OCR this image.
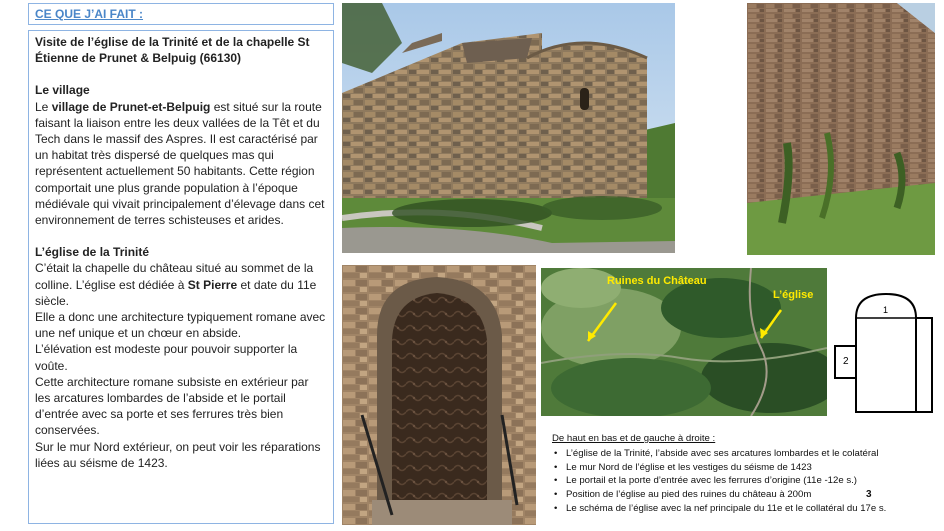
CE QUE J’AI FAIT :

Visite de l’église de la Trinité et de la chapelle St Étienne de Prunet & Belpuig (66130)

Le village

Le village de Prunet-et-Belpuig est situé sur la route faisant la liaison entre les deux vallées de la Têt et du Tech dans le massif des Aspres. Il est caractérisé par un habitat très dispersé de quelques mas qui représentent actuellement 50 habitants. Cette région comportait une plus grande population à l’époque médiévale qui vivait principalement d’élevage dans cet environnement de terres schisteuses et arides.

L’église de la Trinité

C’était la chapelle du château situé au sommet de la colline. L’église est dédiée à St Pierre et date du 11e siècle.

Elle a donc une architecture typiquement romane avec une nef unique et un chœur en abside.

L’élévation est modeste pour pouvoir supporter la voûte.

Cette architecture romane subsiste en extérieur par les arcatures lombardes de l’abside et le portail d’entrée avec sa porte et ses ferrures très bien conservées.

Sur le mur Nord extérieur, on peut voir les réparations liées au séisme de 1423.

Ruines du Château
L’église
1
2
De haut en bas et de gauche à droite :
• L’église de la Trinité, l’abside avec ses arcatures lombardes et le colatéral
• Le mur Nord de l’église et les vestiges du séisme de 1423
• Le portail et la porte d’entrée avec les ferrures d’origine (11e -12e s.)
• Position de l’église au pied des ruines du château à 200m
• Le schéma de l’église avec la nef principale du 11e et le collatéral du 17e s.
3
